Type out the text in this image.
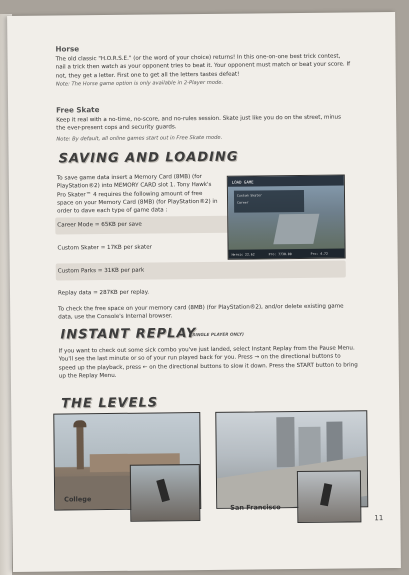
Horse
The old classic "H.O.R.S.E." (or the word of your choice) returns! In this one-on-one best trick contest, nail a trick then watch as your opponent tries to beat it. Your opponent must match or beat your score. If not, they get a letter. First one to get all the letters tastes defeat!
Note: The Horse game option is only available in 2-Player mode.
Free Skate
Keep it real with a no-time, no-score, and no-rules session. Skate just like you do on the street, minus the ever-present cops and security guards.
Note: By default, all online games start out in Free Skate mode.
SAVING AND LOADING
To save game data insert a Memory Card (8MB) (for PlayStation®2) into MEMORY CARD slot 1. Tony Hawk's Pro Skater™ 4 requires the following amount of free space on your Memory Card (8MB) (for PlayStation®2) in order to dave each type of game data :
Career Mode = 65KB per save
Custom Skater = 17KB per skater
Custom Parks = 31KB per park
Replay data = 287KB per replay.
To check the free space on your memory card (8MB) (for PlayStation®2), and/or delete existing game data, use the Console's Internal browser.
LOAD GAME
Custom Skater
Career
Heroic 22.62	Pro: 7730.00	Pro: 4.72
INSTANT REPLAY
(SINGLE PLAYER ONLY)
If you want to check out some sick combo you've just landed, select Instant Replay from the Pause Menu. You'll see the last minute or so of your run played back for you. Press → on the directional buttons to speed up the playback, press ← on the directional buttons to slow it down. Press the START button to bring up the Replay Menu.
THE LEVELS
College
San Francisco
11
